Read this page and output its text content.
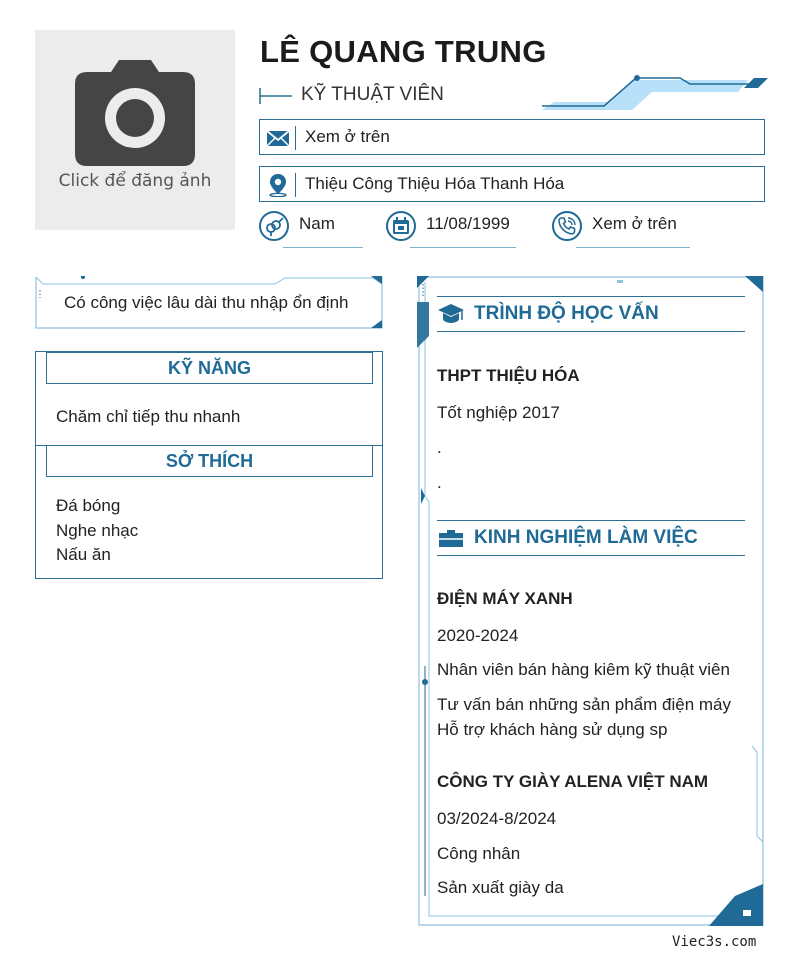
Click để đăng ảnh
LÊ QUANG TRUNG
KỸ THUẬT VIÊN
Xem ở trên
Thiệu Công Thiệu Hóa Thanh Hóa
Nam	11/08/1999	Xem ở trên
Có công việc lâu dài thu nhập ổn định
KỸ NĂNG
Chăm chỉ tiếp thu nhanh
SỞ THÍCH
Đá bóng
Nghe nhạc
Nấu ăn
TRÌNH ĐỘ HỌC VẤN
THPT THIỆU HÓA
Tốt nghiệp 2017
.
.
KINH NGHIỆM LÀM VIỆC
ĐIỆN MÁY XANH
2020-2024
Nhân viên bán hàng kiêm kỹ thuật viên
Tư vấn bán những sản phẩm điện máy
Hỗ trợ khách hàng sử dụng sp
CÔNG TY GIÀY ALENA VIỆT NAM
03/2024-8/2024
Công nhân
Sản xuất giày da
Viec3s.com
